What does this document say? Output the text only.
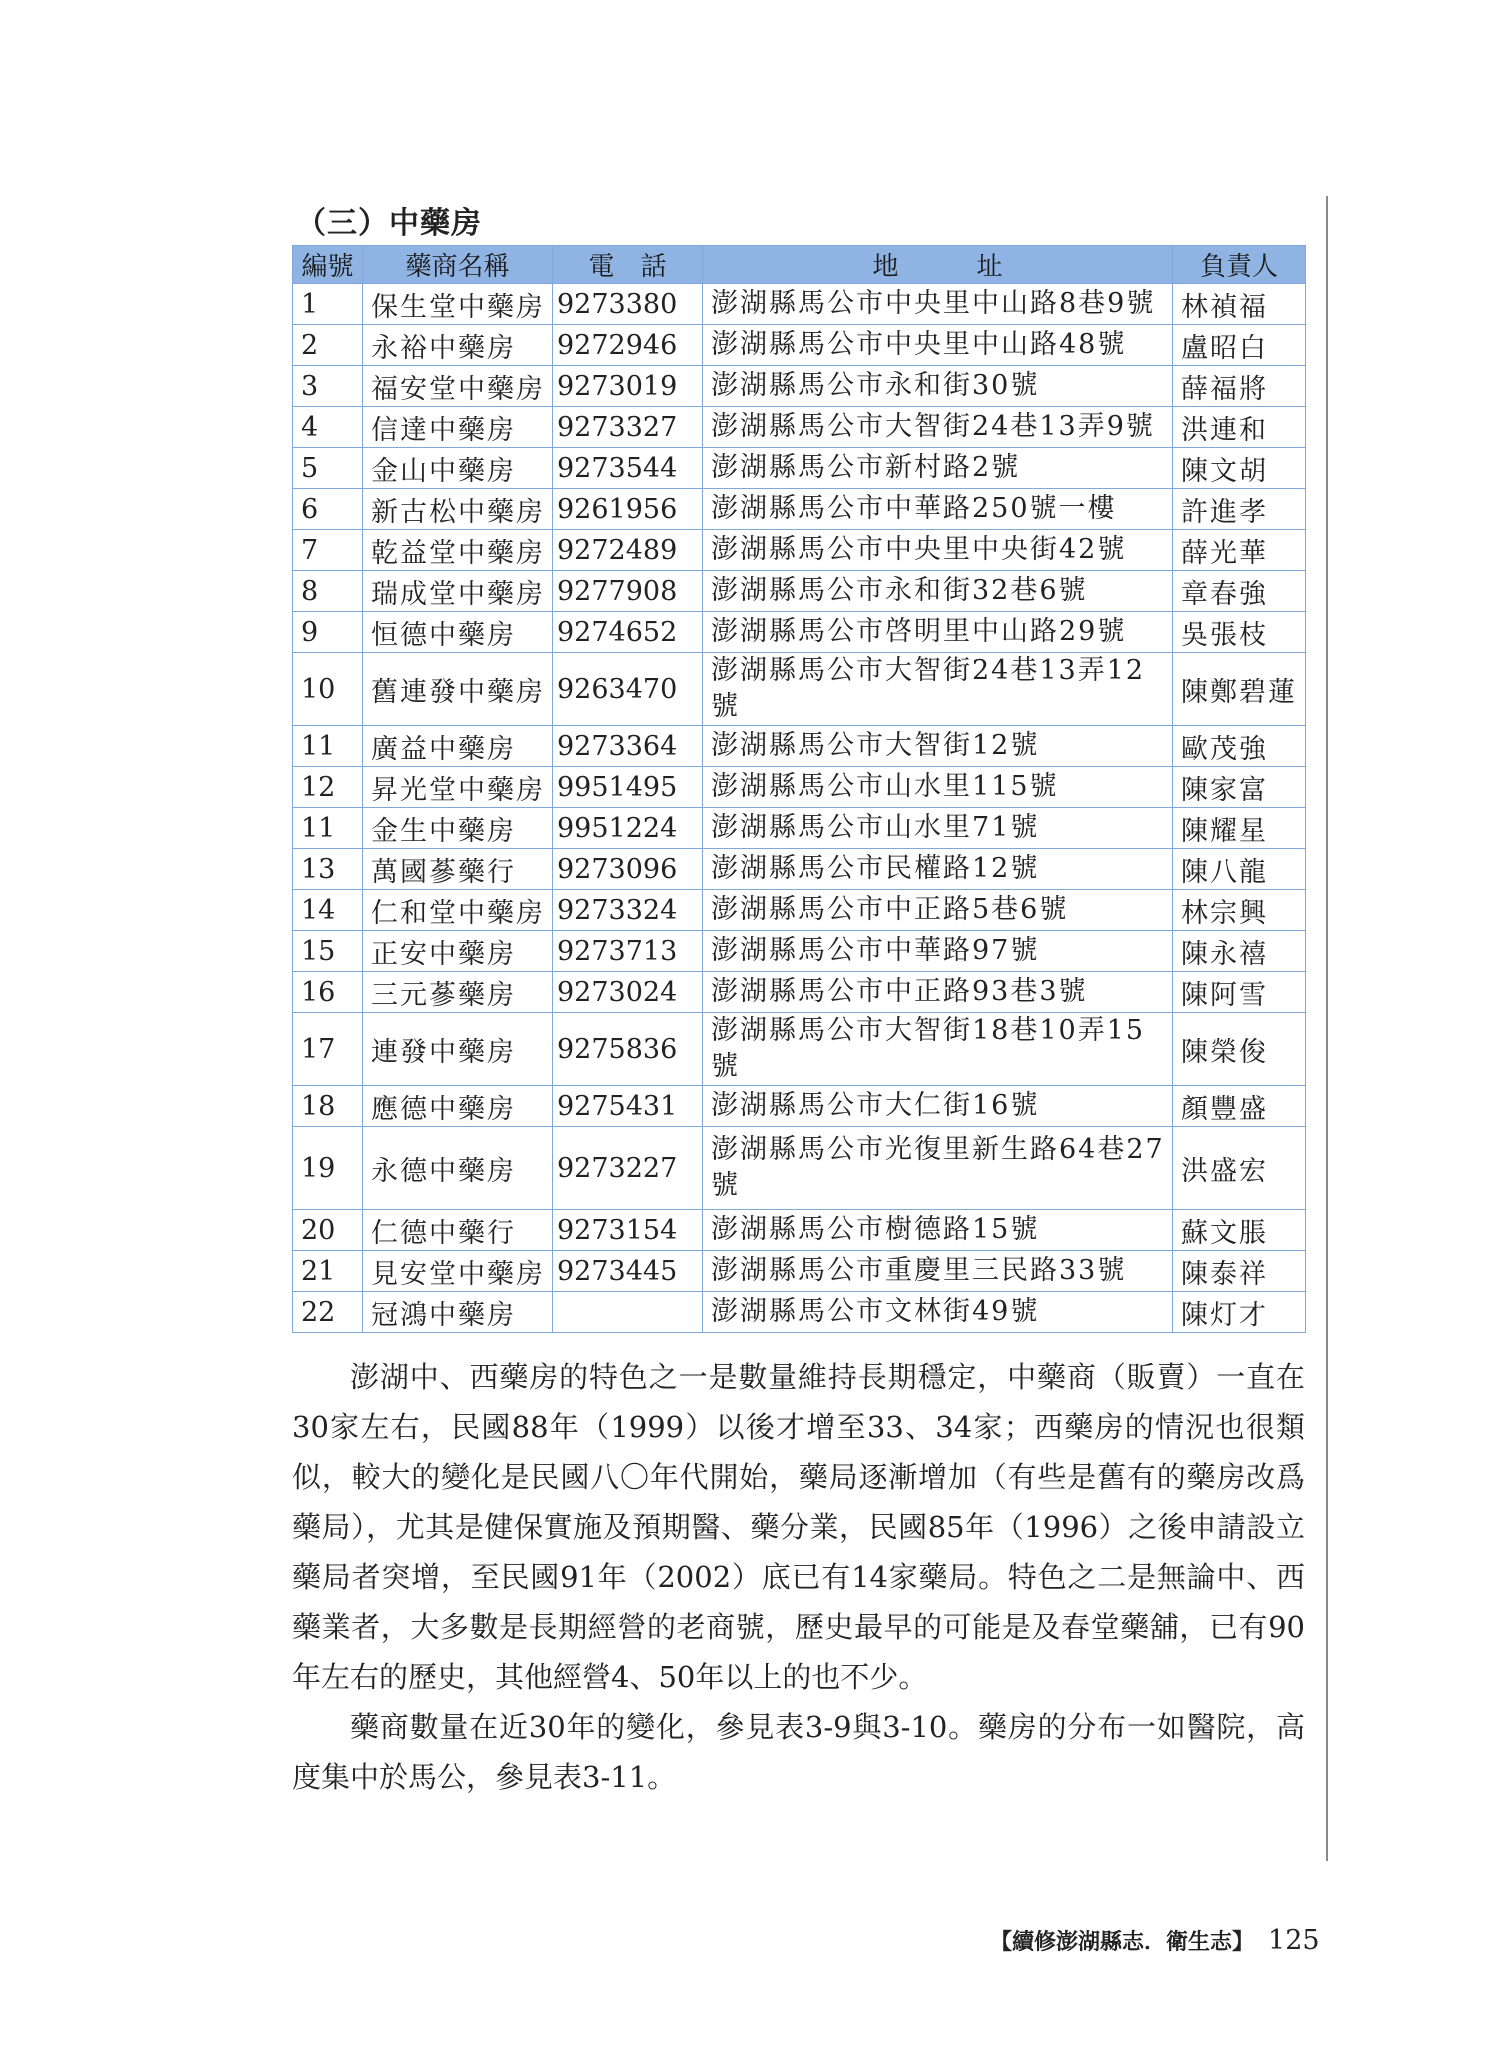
（三）中藥房
編號	藥商名稱	電　話	地　　　址	負責人
1	保生堂中藥房	9273380	澎湖縣馬公市中央里中山路8巷9號	林禎福
2	永裕中藥房	9272946	澎湖縣馬公市中央里中山路48號	盧昭白
3	福安堂中藥房	9273019	澎湖縣馬公市永和街30號	薛福將
4	信達中藥房	9273327	澎湖縣馬公市大智街24巷13弄9號	洪連和
5	金山中藥房	9273544	澎湖縣馬公市新村路2號	陳文胡
6	新古松中藥房	9261956	澎湖縣馬公市中華路250號一樓	許進孝
7	乾益堂中藥房	9272489	澎湖縣馬公市中央里中央街42號	薛光華
8	瑞成堂中藥房	9277908	澎湖縣馬公市永和街32巷6號	章春強
9	恒德中藥房	9274652	澎湖縣馬公市啓明里中山路29號	吳張枝
10	舊連發中藥房	9263470	澎湖縣馬公市大智街24巷13弄12號	陳鄭碧蓮
11	廣益中藥房	9273364	澎湖縣馬公市大智街12號	歐茂強
12	昇光堂中藥房	9951495	澎湖縣馬公市山水里115號	陳家富
11	金生中藥房	9951224	澎湖縣馬公市山水里71號	陳耀星
13	萬國蔘藥行	9273096	澎湖縣馬公市民權路12號	陳八龍
14	仁和堂中藥房	9273324	澎湖縣馬公市中正路5巷6號	林宗興
15	正安中藥房	9273713	澎湖縣馬公市中華路97號	陳永禧
16	三元蔘藥房	9273024	澎湖縣馬公市中正路93巷3號	陳阿雪
17	連發中藥房	9275836	澎湖縣馬公市大智街18巷10弄15號	陳榮俊
18	應德中藥房	9275431	澎湖縣馬公市大仁街16號	顏豐盛
19	永德中藥房	9273227	澎湖縣馬公市光復里新生路64巷27號	洪盛宏
20	仁德中藥行	9273154	澎湖縣馬公市樹德路15號	蘇文脹
21	見安堂中藥房	9273445	澎湖縣馬公市重慶里三民路33號	陳泰祥
22	冠鴻中藥房		澎湖縣馬公市文林街49號	陳灯才

澎湖中、西藥房的特色之一是數量維持長期穩定，中藥商（販賣）一直在30家左右，民國88年（1999）以後才增至33、34家；西藥房的情況也很類似，較大的變化是民國八〇年代開始，藥局逐漸增加（有些是舊有的藥房改爲藥局），尤其是健保實施及預期醫、藥分業，民國85年（1996）之後申請設立藥局者突增，至民國91年（2002）底已有14家藥局。特色之二是無論中、西藥業者，大多數是長期經營的老商號，歷史最早的可能是及春堂藥舖，已有90年左右的歷史，其他經營4、50年以上的也不少。

藥商數量在近30年的變化，參見表3-9與3-10。藥房的分布一如醫院，高度集中於馬公，參見表3-11。

【續修澎湖縣志．衛生志】 125
